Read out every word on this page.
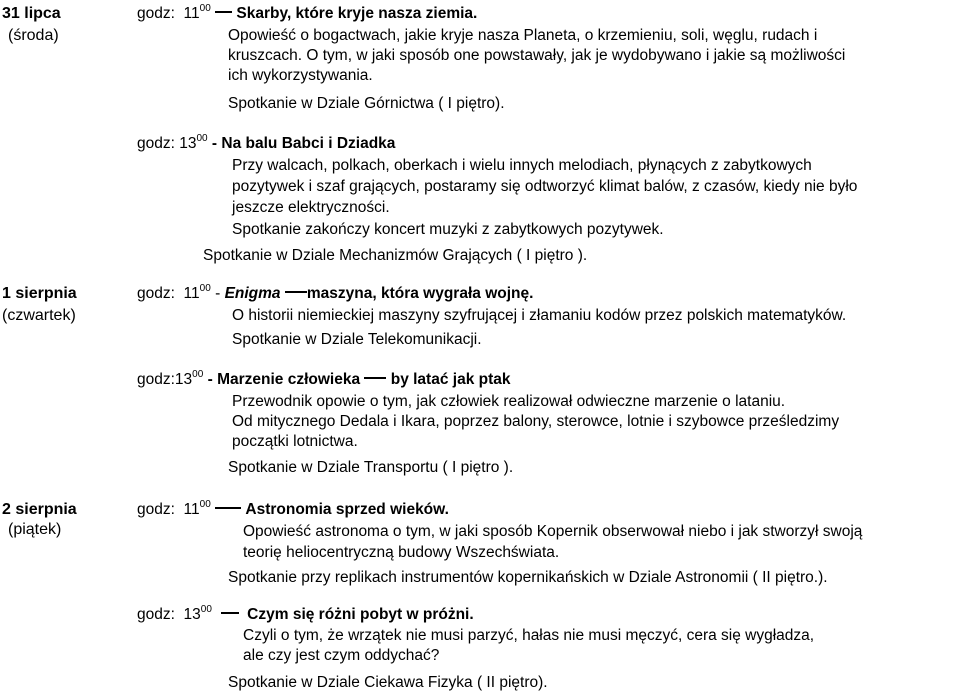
31 lipca
(środa)
1 sierpnia
(czwartek)
2 sierpnia
(piątek)
godz: $11^{00}$ Skarby, które kryje nasza ziemia.
Opowieść o bogactwach, jakie kryje nasza Planeta, o krzemieniu, soli, węglu, rudach i
kruszcach. O tym, w jaki sposób one powstawały, jak je wydobywano i jakie są możliwości
ich wykorzystywania.
Spotkanie w Dziale Górnictwa ( I piętro).
godz: $13^{00}$ - Na balu Babci i Dziadka
Przy walcach, polkach, oberkach i wielu innych melodiach, płynących z zabytkowych
pozytywek i szaf grających, postaramy się odtworzyć klimat balów, z czasów, kiedy nie było
jeszcze elektryczności.
Spotkanie zakończy koncert muzyki z zabytkowych pozytywek.
Spotkanie w Dziale Mechanizmów Grających ( I piętro ).
godz: $11^{00}$ - Enigma maszyna, która wygrała wojnę.
O historii niemieckiej maszyny szyfrującej i złamaniu kodów przez polskich matematyków.
Spotkanie w Dziale Telekomunikacji.
$godz:13^{00}$ - Marzenie człowieka by latać jak ptak
Przewodnik opowie o tym, jak człowiek realizował odwieczne marzenie o lataniu.
Od mitycznego Dedala i Ikara, poprzez balony, sterowce, lotnie i szybowce prześledzimy
początki lotnictwa.
Spotkanie w Dziale Transportu ( I piętro ).
godz: $11^{00}$ Astronomia sprzed wieków.
Opowieść astronoma o tym, w jaki sposób Kopernik obserwował niebo i jak stworzył swoją
teorię heliocentryczną budowy Wszechświata.
Spotkanie przy replikach instrumentów kopernikańskich w Dziale Astronomii ( II piętro.).
godz: $13^{00}$ Czym się różni pobyt w próżni.
Czyli o tym, że wrzątek nie musi parzyć, hałas nie musi męczyć, cera się wygładza,
ale czy jest czym oddychać?
Spotkanie w Dziale Ciekawa Fizyka ( II piętro).
